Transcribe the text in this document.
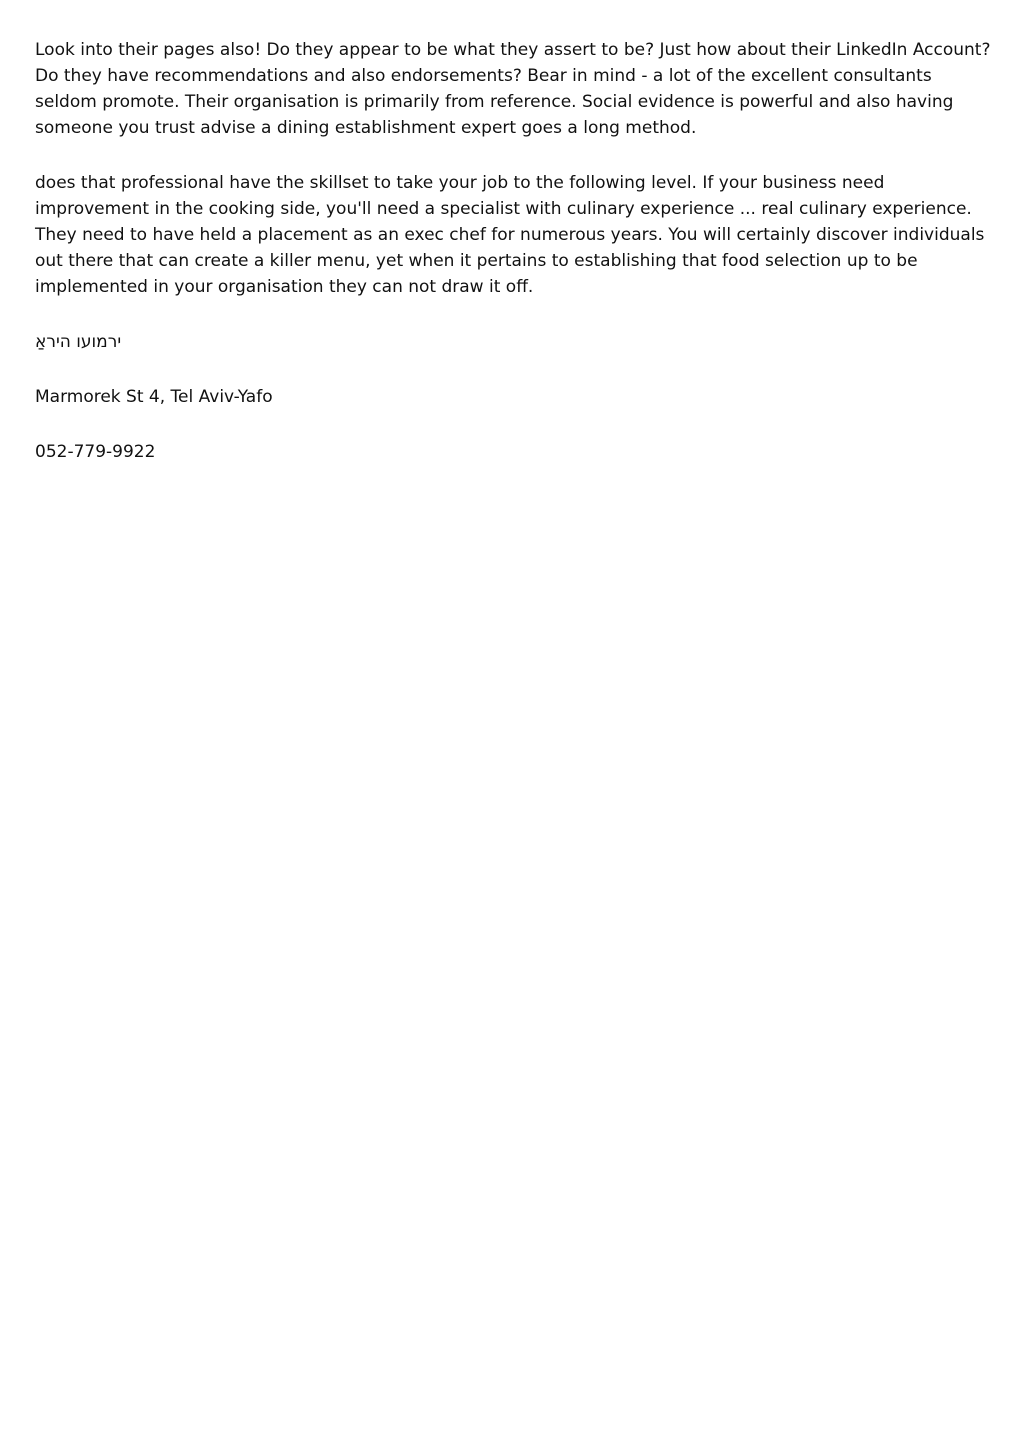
Look into their pages also! Do they appear to be what they assert to be? Just how about their LinkedIn Account? Do they have recommendations and also endorsements? Bear in mind - a lot of the excellent consultants seldom promote. Their organisation is primarily from reference. Social evidence is powerful and also having someone you trust advise a dining establishment expert goes a long method.

does that professional have the skillset to take your job to the following level. If your business need improvement in the cooking side, you'll need a specialist with culinary experience ... real culinary experience. They need to have held a placement as an exec chef for numerous years. You will certainly discover individuals out there that can create a killer menu, yet when it pertains to establishing that food selection up to be implemented in your organisation they can not draw it off.

ירמועו היראַ

Marmorek St 4, Tel Aviv-Yafo

052-779-9922
